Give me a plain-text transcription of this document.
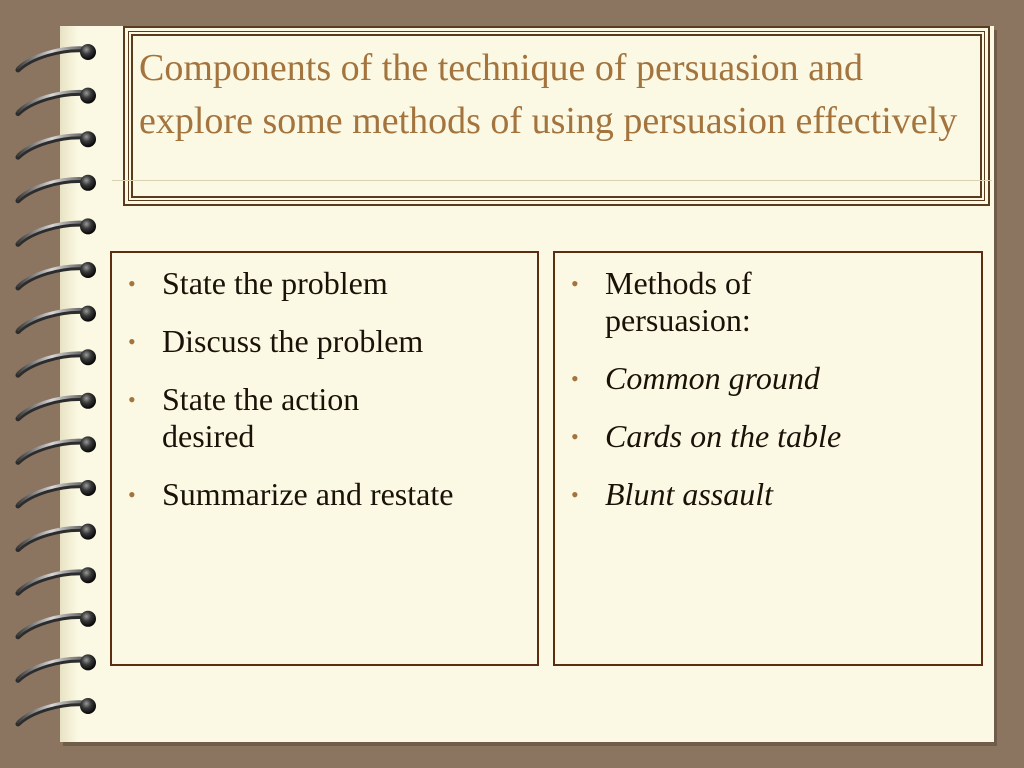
Components of the technique of persuasion and explore some methods of using persuasion effectively
• State the problem
• Discuss the problem
• State the action desired
• Summarize and restate
• Methods of persuasion:
• Common ground
• Cards on the table
• Blunt assault
